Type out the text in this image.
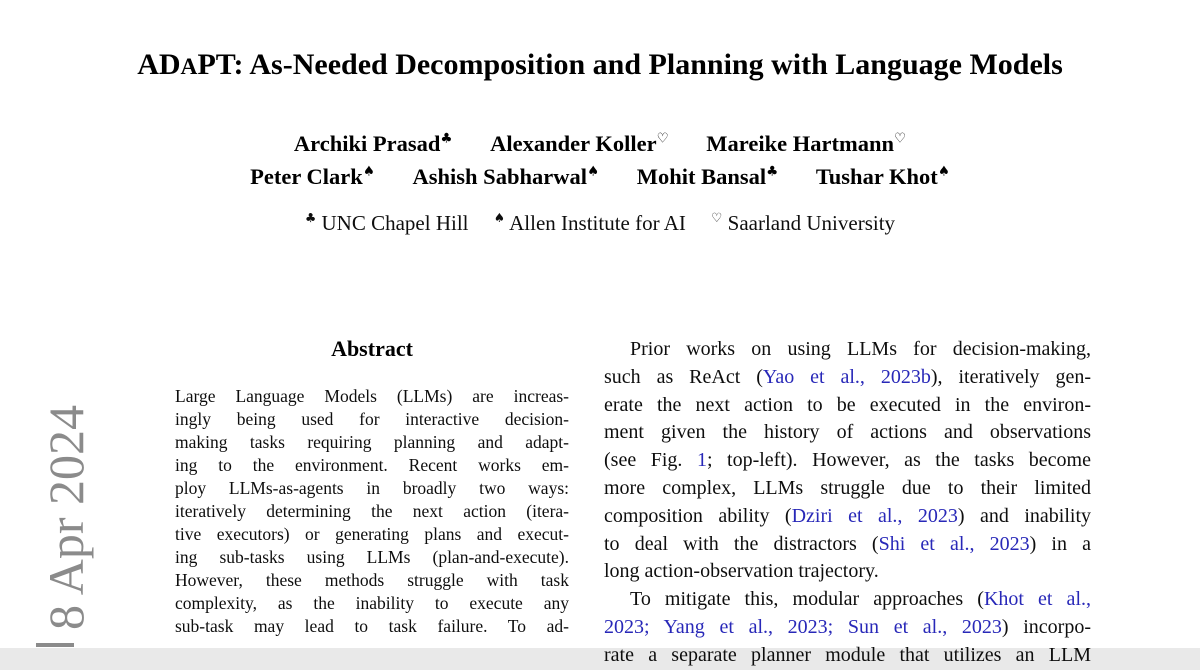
8 Apr 2024
ADAPT: As-Needed Decomposition and Planning with Language Models
Archiki Prasad♣ Alexander Koller♡ Mareike Hartmann♡
Peter Clark♠ Ashish Sabharwal♠ Mohit Bansal♣ Tushar Khot♠
♣ UNC Chapel Hill ♠ Allen Institute for AI ♡ Saarland University
Abstract
Large Language Models (LLMs) are increas-
ingly being used for interactive decision-
making tasks requiring planning and adapt-
ing to the environment. Recent works em-
ploy LLMs-as-agents in broadly two ways:
iteratively determining the next action (itera-
tive executors) or generating plans and execut-
ing sub-tasks using LLMs (plan-and-execute).
However, these methods struggle with task
complexity, as the inability to execute any
sub-task may lead to task failure. To ad-
Prior works on using LLMs for decision-making,
such as ReAct (Yao et al., 2023b), iteratively gen-
erate the next action to be executed in the environ-
ment given the history of actions and observations
(see Fig. 1; top-left). However, as the tasks become
more complex, LLMs struggle due to their limited
composition ability (Dziri et al., 2023) and inability
to deal with the distractors (Shi et al., 2023) in a
long action-observation trajectory.
To mitigate this, modular approaches (Khot et al.,
2023; Yang et al., 2023; Sun et al., 2023) incorpo-
rate a separate planner module that utilizes an LLM
